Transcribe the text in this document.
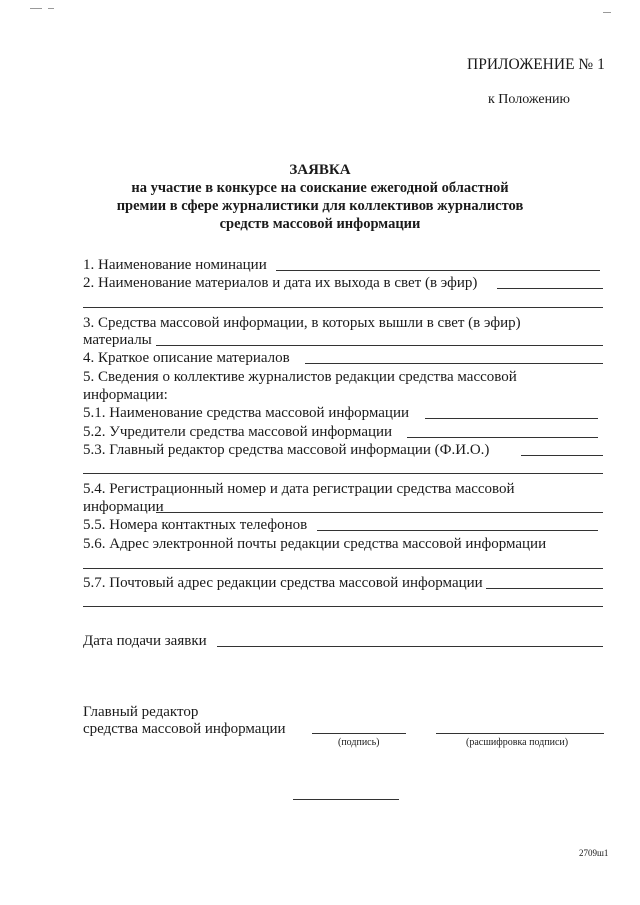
ПРИЛОЖЕНИЕ № 1
к Положению
ЗАЯВКА
на участие в конкурсе на соискание ежегодной областной
премии в сфере журналистики для коллективов журналистов
средств массовой информации
1. Наименование номинации
2. Наименование материалов и дата их выхода в свет (в эфир)
3. Средства массовой информации, в которых вышли в свет (в эфир)
материалы
4. Краткое описание материалов
5. Сведения о коллективе журналистов редакции средства массовой
информации:
5.1. Наименование средства массовой информации
5.2. Учредители средства массовой информации
5.3. Главный редактор средства массовой информации (Ф.И.О.)
5.4. Регистрационный номер и дата регистрации средства массовой
информации
5.5. Номера контактных телефонов
5.6. Адрес электронной почты редакции средства массовой информации
5.7. Почтовый адрес редакции средства массовой информации
Дата подачи заявки
Главный редактор
средства массовой информации
(подпись)	(расшифровка подписи)
2709ш1
